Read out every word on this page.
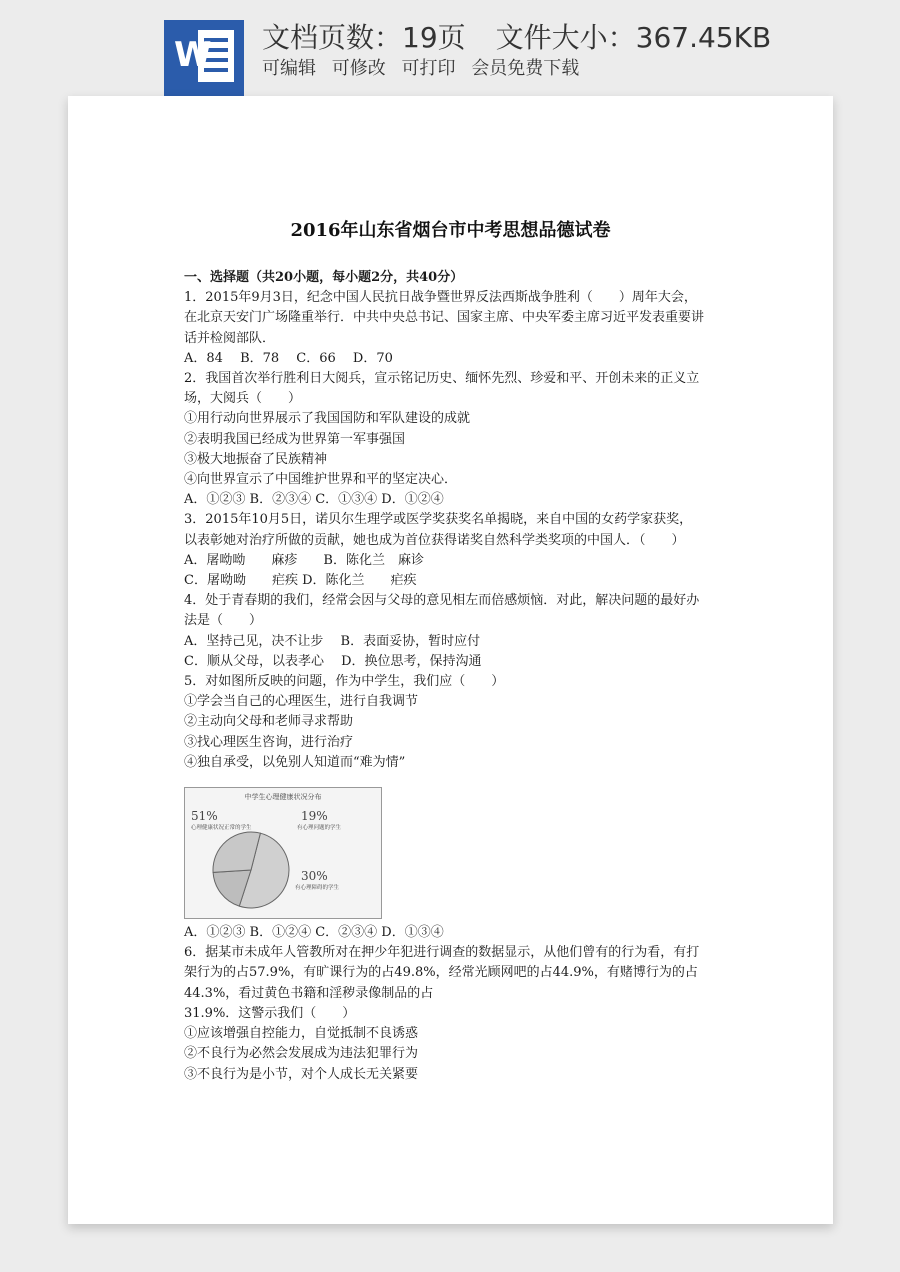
W 文档页数：19页 文件大小：367.45KB
可编辑 可修改 可打印 会员免费下载
2016年山东省烟台市中考思想品德试卷

一、选择题（共20小题，每小题2分，共40分）

1．2015年9月3日，纪念中国人民抗日战争暨世界反法西斯战争胜利（　　）周年大会，

在北京天安门广场隆重举行．中共中央总书记、国家主席、中央军委主席习近平发表重要讲

话并检阅部队．

A．84　 B．78　 C．66　 D．70

2．我国首次举行胜利日大阅兵，宣示铭记历史、缅怀先烈、珍爱和平、开创未来的正义立

场，大阅兵（　　）

①用行动向世界展示了我国国防和军队建设的成就

②表明我国已经成为世界第一军事强国

③极大地振奋了民族精神

④向世界宣示了中国维护世界和平的坚定决心．

A．①②③ B．②③④ C．①③④ D．①②④

3．2015年10月5日，诺贝尔生理学或医学奖获奖名单揭晓，来自中国的女药学家获奖，

以表彰她对治疗所做的贡献，她也成为首位获得诺奖自然科学类奖项的中国人．（　　）

A．屠呦呦　　麻疹　　B．陈化兰　麻诊

C．屠呦呦　　疟疾 D．陈化兰　　疟疾

4．处于青春期的我们，经常会因与父母的意见相左而倍感烦恼．对此，解决问题的最好办

法是（　　）

A．坚持己见，决不让步　 B．表面妥协，暂时应付

C．顺从父母，以表孝心　 D．换位思考，保持沟通

5．对如图所反映的问题，作为中学生，我们应（　　）

①学会当自己的心理医生，进行自我调节

②主动向父母和老师寻求帮助

③找心理医生咨询，进行治疗

④独自承受，以免别人知道而“难为情”

中学生心理健康状况分布
51%
心理健康状况正常的学生
19%
有心理问题的学生
30%
有心理障碍的学生

A．①②③ B．①②④ C．②③④ D．①③④

6．据某市未成年人管教所对在押少年犯进行调查的数据显示，从他们曾有的行为看，有打

架行为的占57.9%，有旷课行为的占49.8%，经常光顾网吧的占44.9%，有赌博行为的占

44.3%，看过黄色书籍和淫秽录像制品的占

31.9%．这警示我们（　　）

①应该增强自控能力，自觉抵制不良诱惑

②不良行为必然会发展成为违法犯罪行为

③不良行为是小节，对个人成长无关紧要
